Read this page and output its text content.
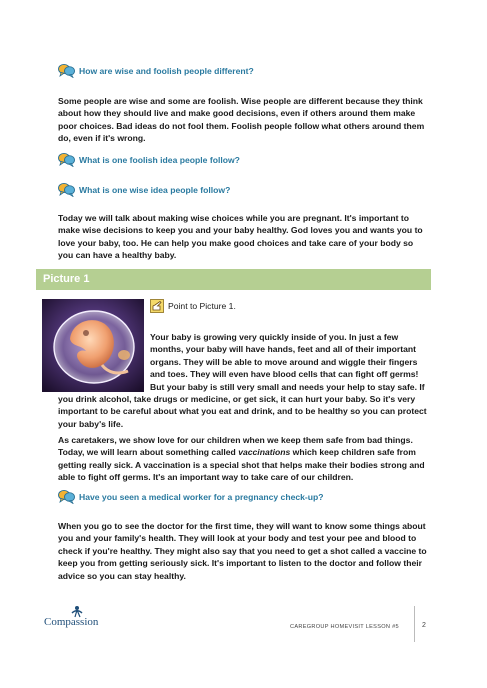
How are wise and foolish people different?

Some people are wise and some are foolish. Wise people are different because they think about how they should live and make good decisions, even if others around them make poor choices. Bad ideas do not fool them. Foolish people follow what others around them do, even if it's wrong.

What is one foolish idea people follow?
What is one wise idea people follow?

Today we will talk about making wise choices while you are pregnant. It's important to make wise decisions to keep you and your baby healthy. God loves you and wants you to love your baby, too. He can help you make good choices and take care of your body so you can have a healthy baby.

Picture 1
Point to Picture 1.
Your baby is growing very quickly inside of you. In just a few
months, your baby will have hands, feet and all of their important
organs. They will be able to move around and wiggle their fingers
and toes. They will even have blood cells that can fight off germs!
But your baby is still very small and needs your help to stay safe. If

you drink alcohol, take drugs or medicine, or get sick, it can hurt your baby. So it's very important to be careful about what you eat and drink, and to be healthy so you can protect your baby's life.

As caretakers, we show love for our children when we keep them safe from bad things. Today, we will learn about something called vaccinations which keep children safe from getting really sick. A vaccination is a special shot that helps make their bodies strong and able to fight off germs. It's an important way to take care of our children.

Have you seen a medical worker for a pregnancy check-up?

When you go to see the doctor for the first time, they will want to know some things about you and your family's health. They will look at your body and test your pee and blood to check if you're healthy. They might also say that you need to get a shot called a vaccine to keep you from getting seriously sick. It's important to listen to the doctor and follow their advice so you can stay healthy.

Compassion	CAREGROUP HOMEVISIT LESSON #5	2
